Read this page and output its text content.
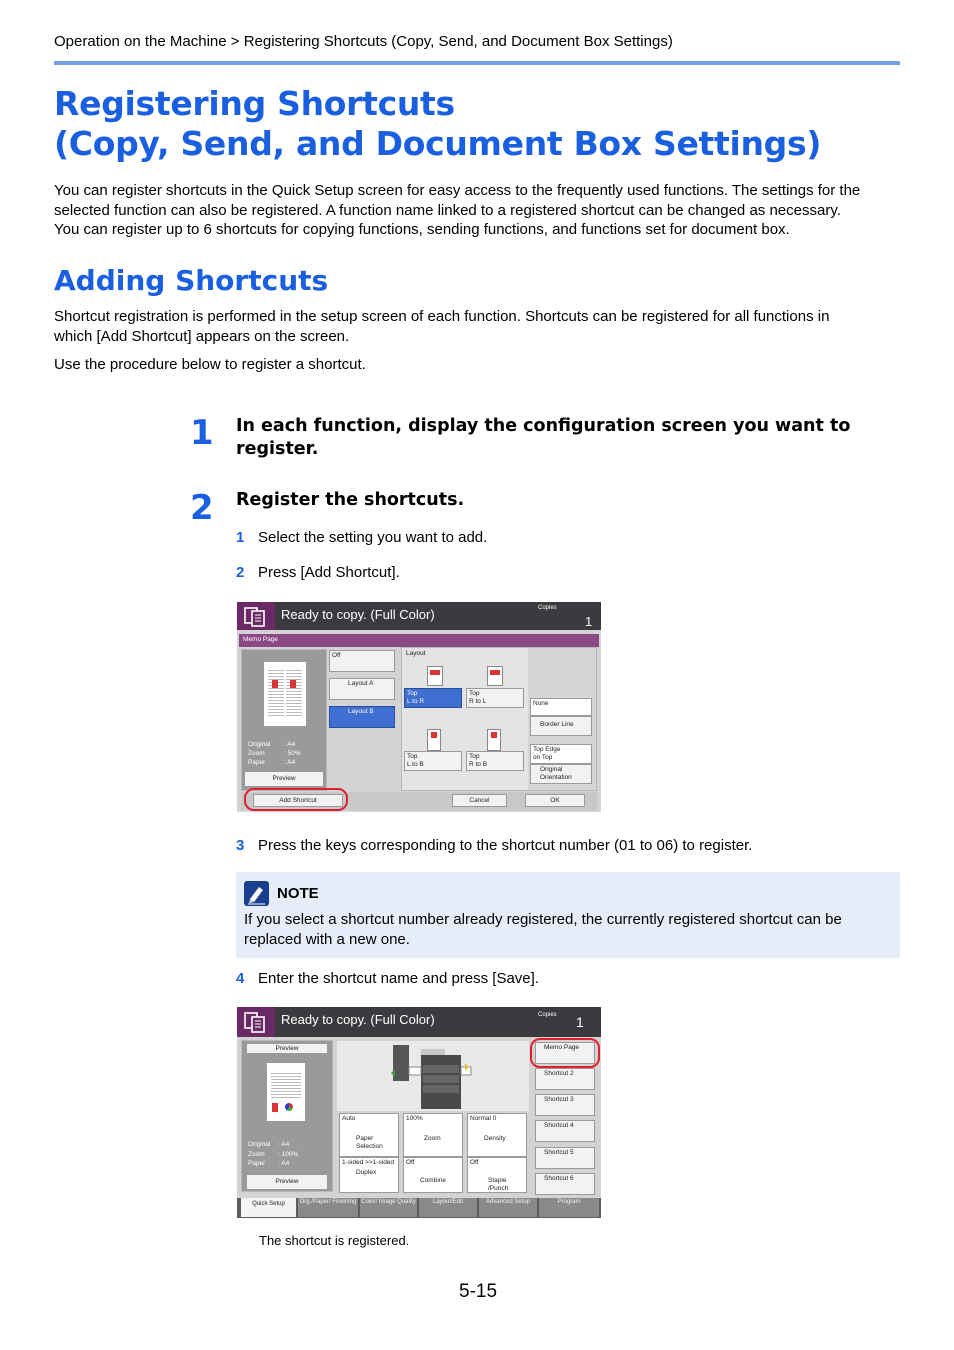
Operation on the Machine > Registering Shortcuts (Copy, Send, and Document Box Settings)
Registering Shortcuts
(Copy, Send, and Document Box Settings)
You can register shortcuts in the Quick Setup screen for easy access to the frequently used functions. The settings for the
selected function can also be registered. A function name linked to a registered shortcut can be changed as necessary.
You can register up to 6 shortcuts for copying functions, sending functions, and functions set for document box.
Adding Shortcuts
Shortcut registration is performed in the setup screen of each function. Shortcuts can be registered for all functions in
which [Add Shortcut] appears on the screen.
Use the procedure below to register a shortcut.
1 In each function, display the configuration screen you want to
register.
2 Register the shortcuts.
1 Select the setting you want to add.
2 Press [Add Shortcut].
Ready to copy. (Full Color)	Copies
1
Memo Page
Original : A4
Zoom	: 50%
Paper	: A4
Preview
Off
Layout A
Layout B
Layout
Top
L to R
Top
R to L
Top
L to B
Top
R to B
None
Border Line
Top Edge
on Top
Original
Orientation
Add Shortcut	Cancel	OK
3 Press the keys corresponding to the shortcut number (01 to 06) to register.
NOTE
If you select a shortcut number already registered, the currently registered shortcut can be
replaced with a new one.
4 Enter the shortcut name and press [Save].
Ready to copy. (Full Color)	Copies 1
Preview
Original : A4
Zoom : 100%
Paper : A4
Preview
Auto
Paper Selection
100%
Zoom
Normal 0
Density
1-sided >>1-sided
Duplex
Off
Combine
Off
Staple /Punch
Memo Page
Shortcut 2
Shortcut 3
Shortcut 4
Shortcut 5
Shortcut 6
Quick Setup	Org./Paper/ Finishing Color/ Image Quality	Layout/Edit	Advanced Setup	Program
The shortcut is registered.
5-15
